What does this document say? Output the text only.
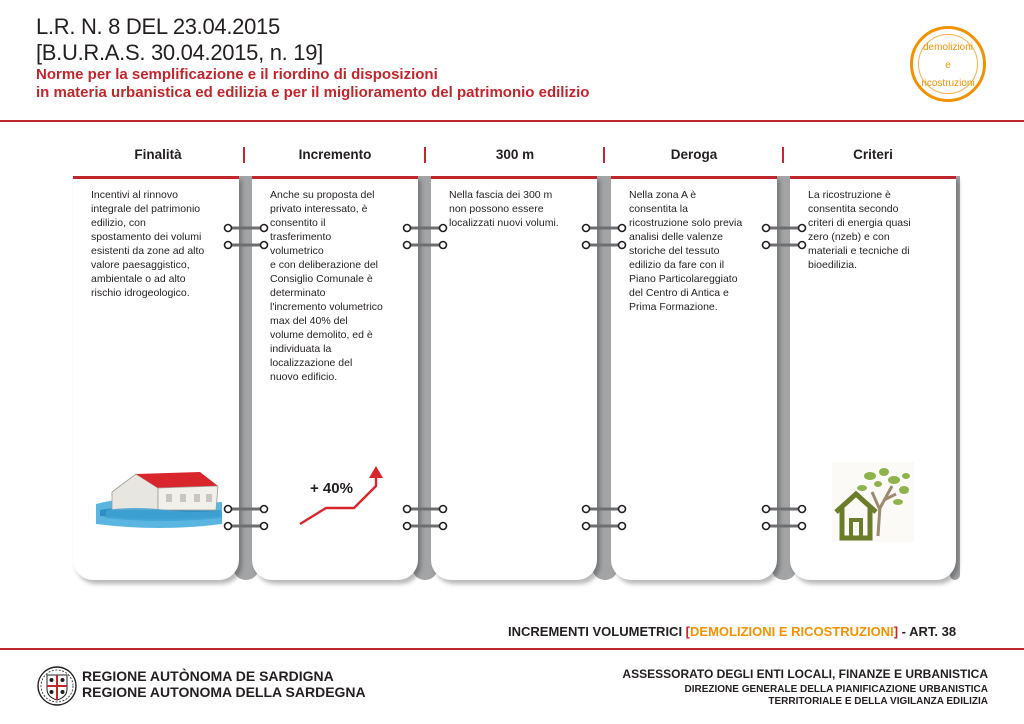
L.R. N. 8 DEL 23.04.2015
[B.U.R.A.S. 30.04.2015, n. 19]
Norme per la semplificazione e il riordino di disposizioni
in materia urbanistica ed edilizia e per il miglioramento del patrimonio edilizio
demolizioni e
ricostruzioni
Finalità	Incremento	300 m	Deroga	Criteri
Incentivi al rinnovo
integrale del patrimonio
edilizio, con
spostamento dei volumi
esistenti da zone ad alto
valore paesaggistico,
ambientale o ad alto
rischio idrogeologico.
Anche su proposta del
privato interessato, è
consentito il
trasferimento
volumetrico
e con deliberazione del
Consiglio Comunale è
determinato
l'incremento volumetrico
max del 40% del
volume demolito, ed è
individuata la
localizzazione del
nuovo edificio.
Nella fascia dei 300 m
non possono essere
localizzati nuovi volumi.
Nella zona A è
consentita la
ricostruzione solo previa
analisi delle valenze
storiche del tessuto
edilizio da fare con il
Piano Particolareggiato
del Centro di Antica e
Prima Formazione.
La ricostruzione è
consentita secondo
criteri di energia quasi
zero (nzeb) e con
materiali e tecniche di
bioedilizia.
+ 40%
INCREMENTI VOLUMETRICI [DEMOLIZIONI E RICOSTRUZIONI] - ART. 38
REGIONE AUTÒNOMA DE SARDIGNA
REGIONE AUTONOMA DELLA SARDEGNA
ASSESSORATO DEGLI ENTI LOCALI, FINANZE E URBANISTICA
DIREZIONE GENERALE DELLA PIANIFICAZIONE URBANISTICA
TERRITORIALE E DELLA VIGILANZA EDILIZIA
